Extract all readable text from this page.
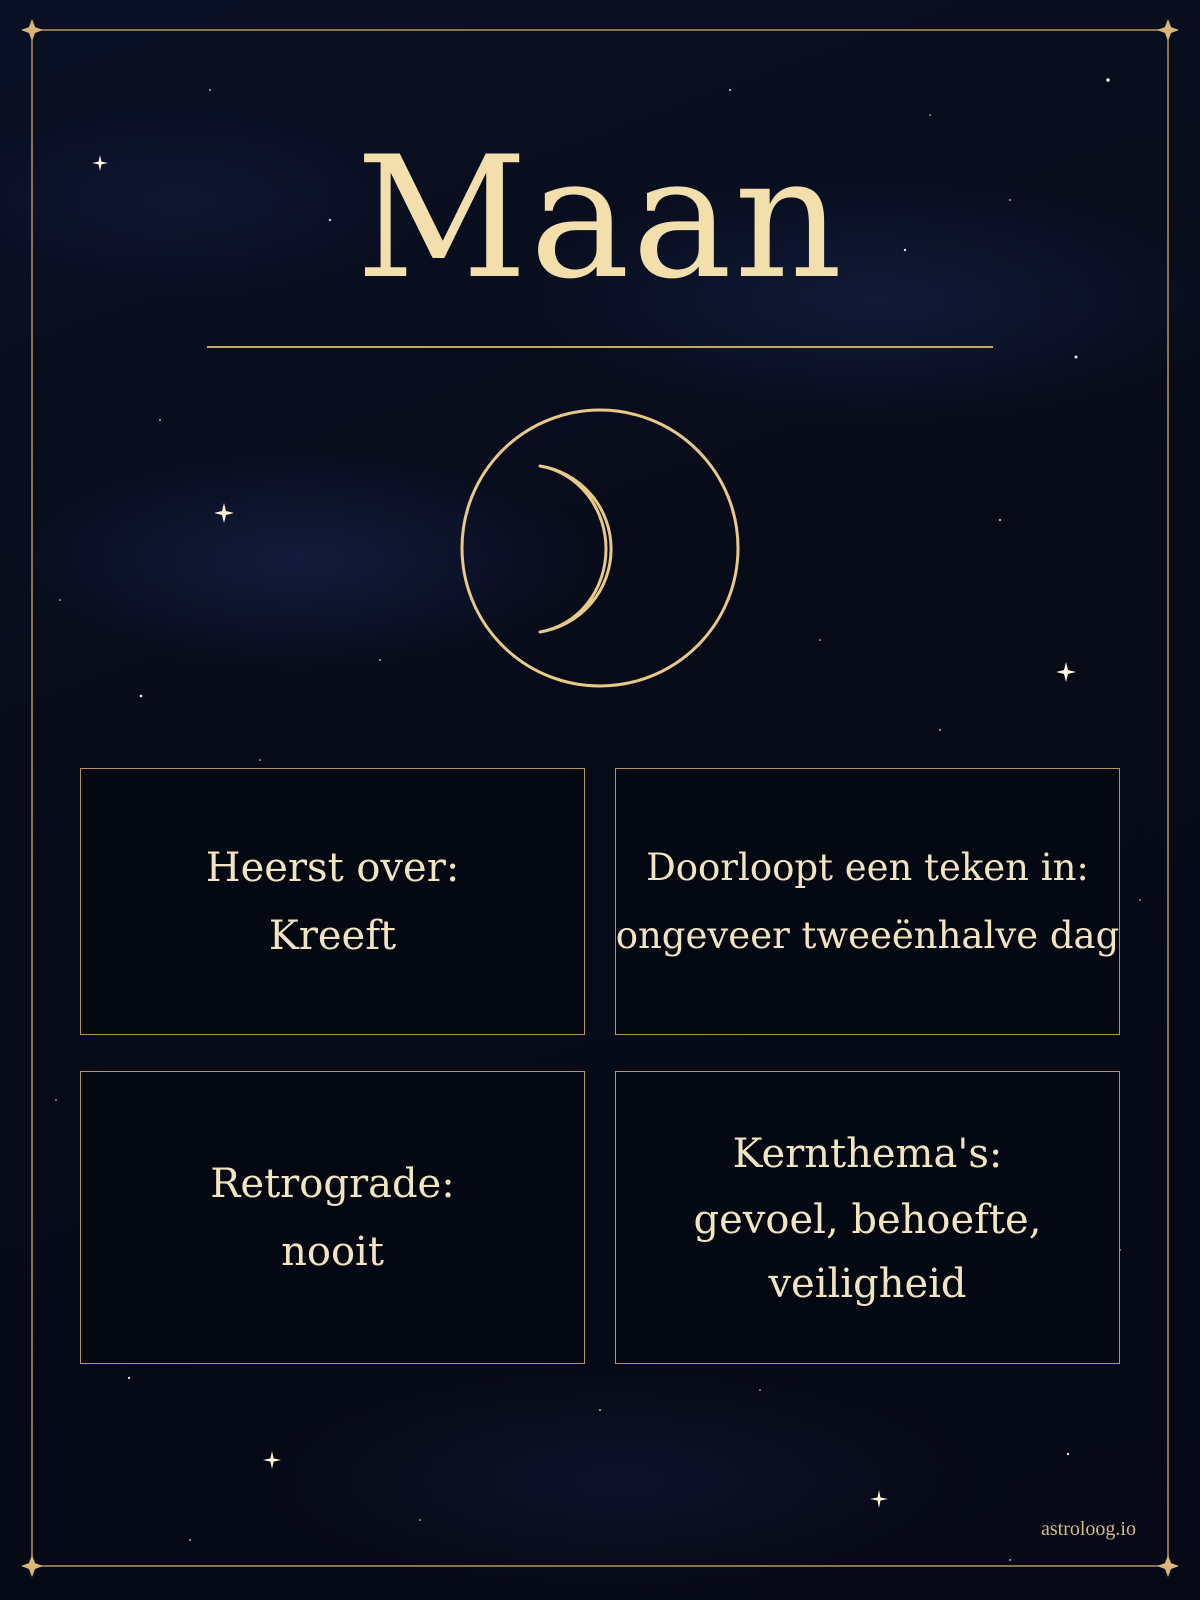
Maan
Heerst over:
Kreeft
Doorloopt een teken in:
ongeveer tweeënhalve dag
Retrograde:
nooit
Kernthema's:
gevoel, behoefte,
veiligheid
astroloog.io
